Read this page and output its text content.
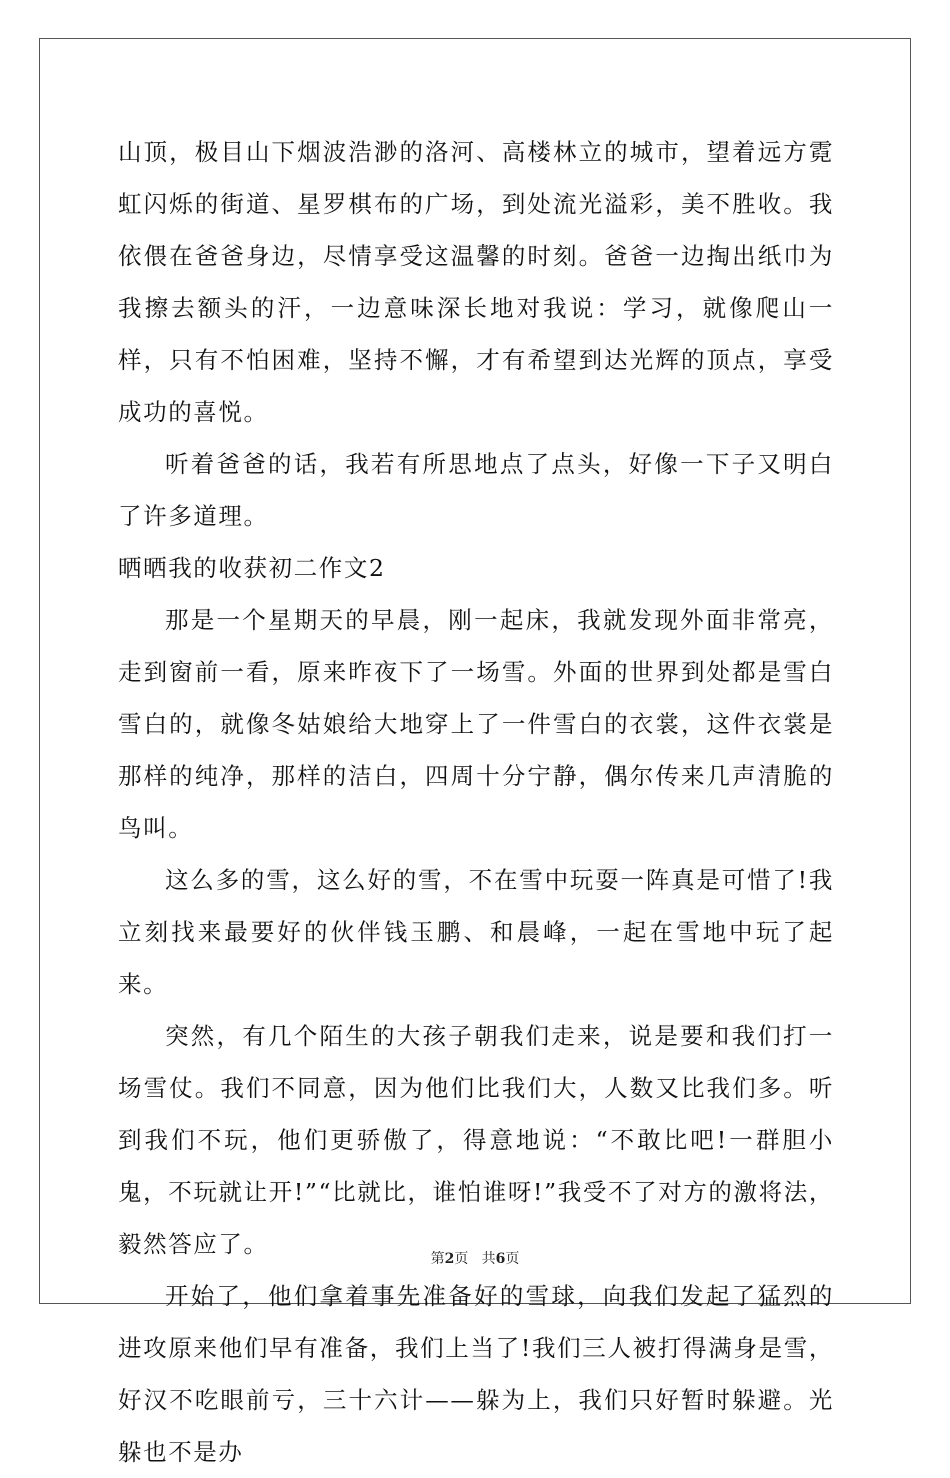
山顶，极目山下烟波浩渺的洛河、高楼林立的城市，望着远方霓虹闪烁的街道、星罗棋布的广场，到处流光溢彩，美不胜收。我依偎在爸爸身边，尽情享受这温馨的时刻。爸爸一边掏出纸巾为我擦去额头的汗，一边意味深长地对我说：学习，就像爬山一样，只有不怕困难，坚持不懈，才有希望到达光辉的顶点，享受成功的喜悦。

听着爸爸的话，我若有所思地点了点头，好像一下子又明白了许多道理。

晒晒我的收获初二作文2

那是一个星期天的早晨，刚一起床，我就发现外面非常亮，走到窗前一看，原来昨夜下了一场雪。外面的世界到处都是雪白雪白的，就像冬姑娘给大地穿上了一件雪白的衣裳，这件衣裳是那样的纯净，那样的洁白，四周十分宁静，偶尔传来几声清脆的鸟叫。

这么多的雪，这么好的雪，不在雪中玩耍一阵真是可惜了!我立刻找来最要好的伙伴钱玉鹏、和晨峰，一起在雪地中玩了起来。

突然，有几个陌生的大孩子朝我们走来，说是要和我们打一场雪仗。我们不同意，因为他们比我们大，人数又比我们多。听到我们不玩，他们更骄傲了，得意地说：“不敢比吧!一群胆小鬼，不玩就让开!”“比就比，谁怕谁呀!”我受不了对方的激将法，毅然答应了。

开始了，他们拿着事先准备好的雪球，向我们发起了猛烈的进攻原来他们早有准备，我们上当了!我们三人被打得满身是雪，好汉不吃眼前亏，三十六计——躲为上，我们只好暂时躲避。光躲也不是办

第2页 共6页
